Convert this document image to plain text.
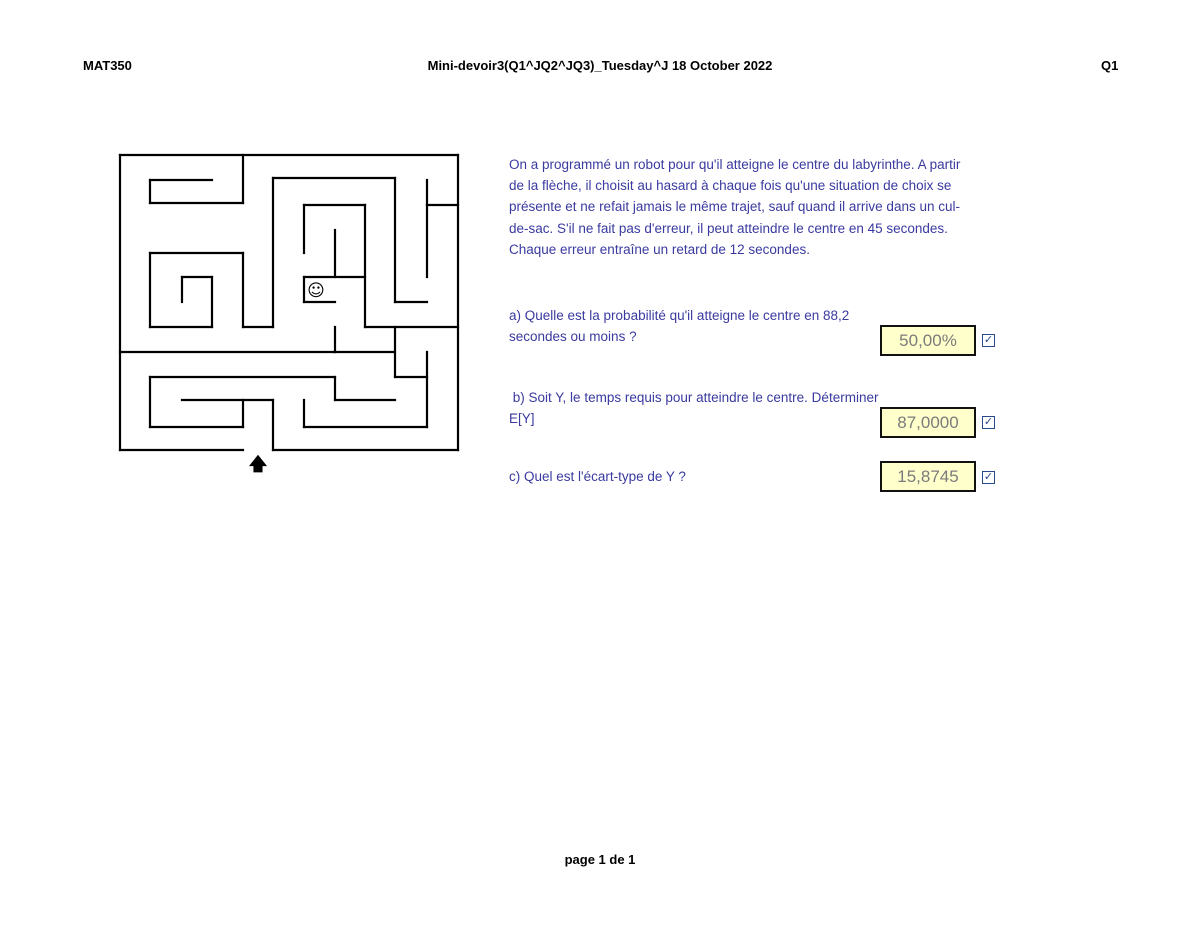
MAT350	Mini-devoir3(Q1^JQ2^JQ3)_Tuesday^J 18 October 2022	Q1
☺
🡅
On a programmé un robot pour qu'il atteigne le centre du labyrinthe. A partir de la flèche, il choisit au hasard à chaque fois qu'une situation de choix se présente et ne refait jamais le même trajet, sauf quand il arrive dans un cul-de-sac. S'il ne fait pas d'erreur, il peut atteindre le centre en 45 secondes. Chaque erreur entraîne un retard de 12 secondes.
a) Quelle est la probabilité qu'il atteigne le centre en 88,2 secondes ou moins ?	50,00%	✓
b) Soit Y, le temps requis pour atteindre le centre. Déterminer E[Y]	87,0000	✓
c) Quel est l'écart-type de Y ?	15,8745	✓
page 1 de 1
